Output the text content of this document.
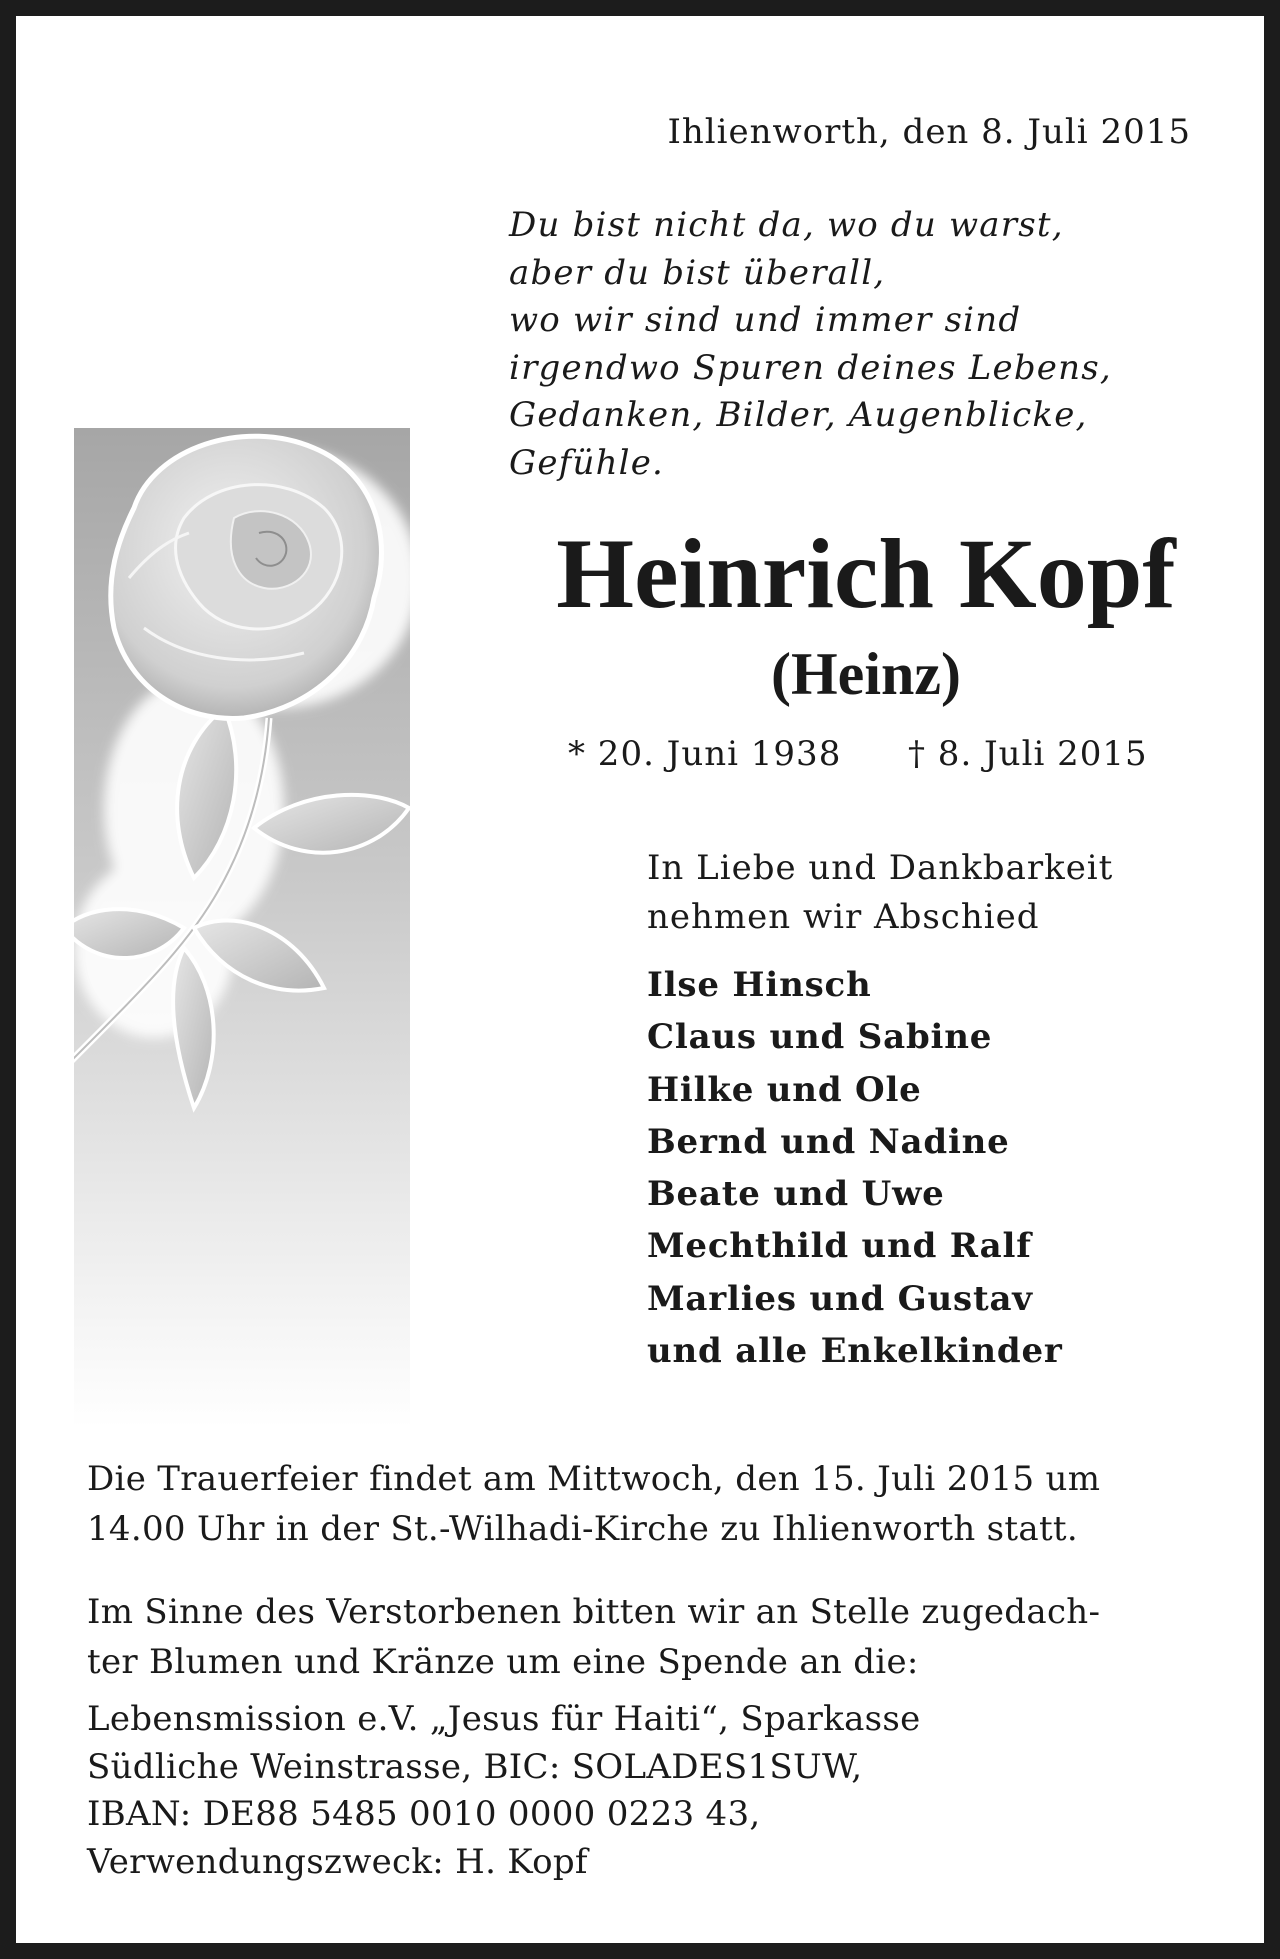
Ihlienworth, den 8. Juli 2015
Du bist nicht da, wo du warst,
aber du bist überall,
wo wir sind und immer sind
irgendwo Spuren deines Lebens,
Gedanken, Bilder, Augenblicke,
Gefühle.
Heinrich Kopf
(Heinz)
* 20. Juni 1938 † 8. Juli 2015
In Liebe und Dankbarkeit
nehmen wir Abschied
Ilse Hinsch
Claus und Sabine
Hilke und Ole
Bernd und Nadine
Beate und Uwe
Mechthild und Ralf
Marlies und Gustav
und alle Enkelkinder
Die Trauerfeier findet am Mittwoch, den 15. Juli 2015 um
14.00 Uhr in der St.-Wilhadi-Kirche zu Ihlienworth statt.
Im Sinne des Verstorbenen bitten wir an Stelle zugedach-
ter Blumen und Kränze um eine Spende an die:
Lebensmission e.V. „Jesus für Haiti“, Sparkasse
Südliche Weinstrasse, BIC: SOLADES1SUW,
IBAN: DE88 5485 0010 0000 0223 43,
Verwendungszweck: H. Kopf
